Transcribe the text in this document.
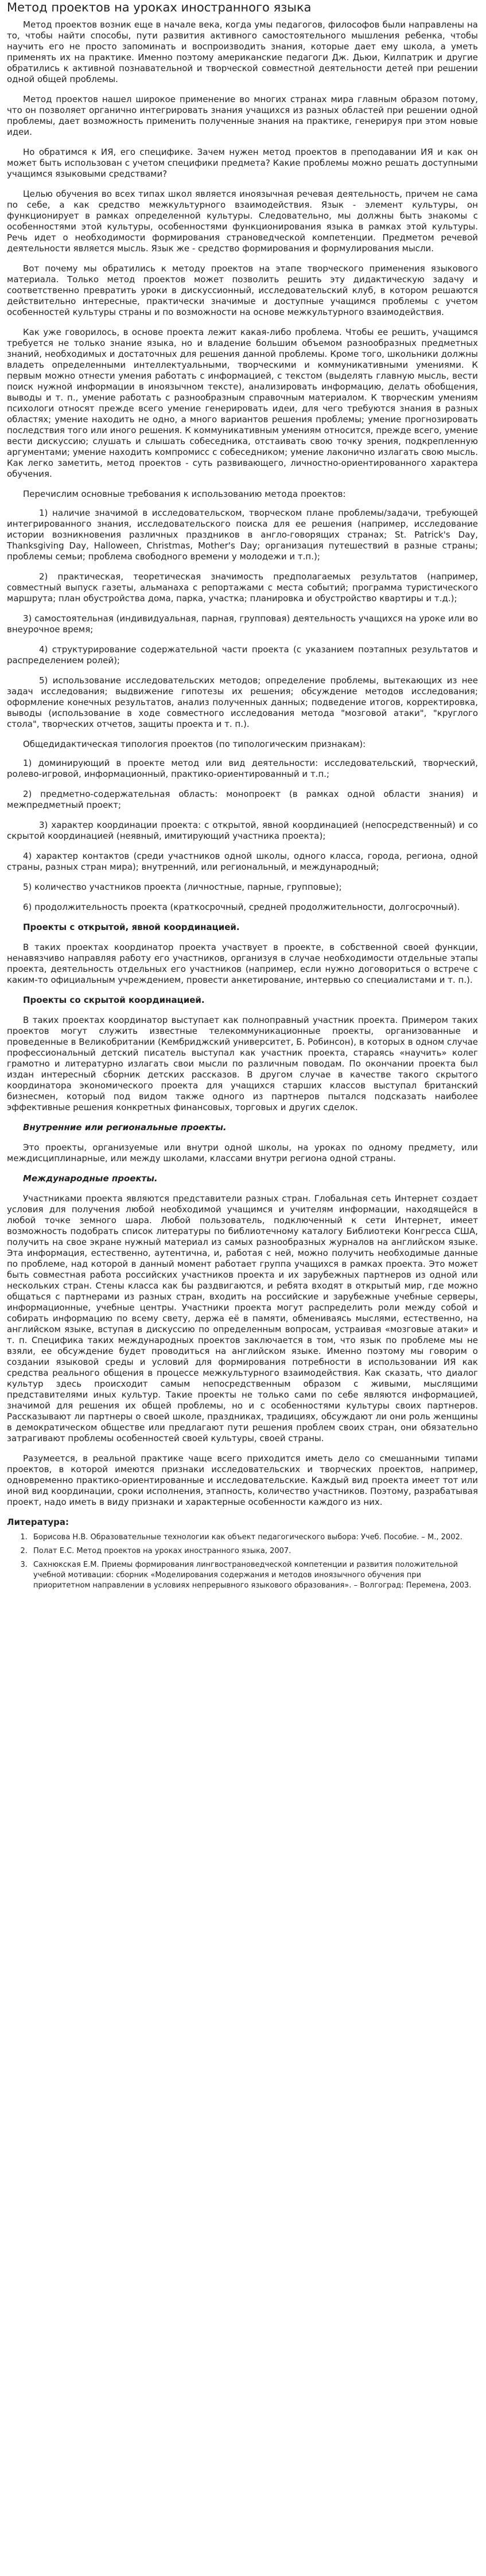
Метод проектов на уроках иностранного языка

Метод проектов возник еще в начале века, когда умы педагогов, философов были направлены на то, чтобы найти способы, пути развития активного самостоятельного мышления ребенка, чтобы научить его не просто запоминать и воспроизводить знания, которые дает ему школа, а уметь применять их на практике. Именно поэтому американские педагоги Дж. Дьюи, Килпатрик и другие обратились к активной познавательной и творческой совместной деятельности детей при решении одной общей проблемы.

Метод проектов нашел широкое применение во многих странах мира главным образом потому, что он позволяет органично интегрировать знания учащихся из разных областей при решении одной проблемы, дает возможность применить полученные знания на практике, генерируя при этом новые идеи.

Но обратимся к ИЯ, его специфике. Зачем нужен метод проектов в преподавании ИЯ и как он может быть использован с учетом специфики предмета? Какие проблемы можно решать доступными учащимся языковыми средствами?

Целью обучения во всех типах школ является иноязычная речевая деятельность, причем не сама по себе, а как средство межкультурного взаимодействия. Язык - элемент культуры, он функционирует в рамках определенной культуры. Следовательно, мы должны быть знакомы с особенностями этой культуры, особенностями функционирования языка в рамках этой культуры. Речь идет о необходимости формирования страноведческой компетенции. Предметом речевой деятельности является мысль. Язык же - средство формирования и формулирования мысли.

Вот почему мы обратились к методу проектов на этапе творческого применения языкового материала. Только метод проектов может позволить решить эту дидактическую задачу и соответственно превратить уроки в дискуссионный, исследовательский клуб, в котором решаются действительно интересные, практически значимые и доступные учащимся проблемы с учетом особенностей культуры страны и по возможности на основе межкультурного взаимодействия.

Как уже говорилось, в основе проекта лежит какая-либо проблема. Чтобы ее решить, учащимся требуется не только знание языка, но и владение большим объемом разнообразных предметных знаний, необходимых и достаточных для решения данной проблемы. Кроме того, школьники должны владеть определенными интеллектуальными, творческими и коммуникативными умениями. К первым можно отнести умения работать с информацией, с текстом (выделять главную мысль, вести поиск нужной информации в иноязычном тексте), анализировать информацию, делать обобщения, выводы и т. п., умение работать с разнообразным справочным материалом. К творческим умениям психологи относят прежде всего умение генерировать идеи, для чего требуются знания в разных областях; умение находить не одно, а много вариантов решения проблемы; умение прогнозировать последствия того или иного решения. К коммуникативным умениям относится, прежде всего, умение вести дискуссию; слушать и слышать собеседника, отстаивать свою точку зрения, подкрепленную аргументами; умение находить компромисс с собеседником; умение лаконично излагать свою мысль. Как легко заметить, метод проектов - суть развивающего, личностно-ориентированного характера обучения.

Перечислим основные требования к использованию метода проектов:

1) наличие значимой в исследовательском, творческом плане проблемы/задачи, требующей интегрированного знания, исследовательского поиска для ее решения (например, исследование истории возникновения различных праздников в англо-говорящих странах; St. Patrick's Day, Thanksgiving Day, Halloween, Christmas, Mother's Day; организация путешествий в разные страны; проблемы семьи; проблема свободного времени у молодежи и т.п.);

2) практическая, теоретическая значимость предполагаемых результатов (например, совместный выпуск газеты, альманаха с репортажами с места событий; программа туристического маршрута; план обустройства дома, парка, участка; планировка и обустройство квартиры и т.д.);

3) самостоятельная (индивидуальная, парная, групповая) деятельность учащихся на уроке или во внеурочное время;

4) структурирование содержательной части проекта (с указанием поэтапных результатов и распределением ролей);

5) использование исследовательских методов; определение проблемы, вытекающих из нее задач исследования; выдвижение гипотезы их решения; обсуждение методов исследования; оформление конечных результатов, анализ полученных данных; подведение итогов, корректировка, выводы (использование в ходе совместного исследования метода "мозговой атаки", "круглого стола", творческих отчетов, защиты проекта и т. п.).

Общедидактическая типология проектов (по типологическим признакам):

1) доминирующий в проекте метод или вид деятельности: исследовательский, творческий, ролево-игровой, информационный, практико-ориентированный и т.п.;

2) предметно-содержательная область: монопроект (в рамках одной области знания) и межпредметный проект;

3) характер координации проекта: с открытой, явной координацией (непосредственный) и со скрытой координацией (неявный, имитирующий участника проекта);

4) характер контактов (среди участников одной школы, одного класса, города, региона, одной страны, разных стран мира); внутренний, или региональный, и международный;

5) количество участников проекта (личностные, парные, групповые);

6) продолжительность проекта (краткосрочный, средней продолжительности, долгосрочный).

Проекты с открытой, явной координацией.

В таких проектах координатор проекта участвует в проекте, в собственной своей функции, ненавязчиво направляя работу его участников, организуя в случае необходимости отдельные этапы проекта, деятельность отдельных его участников (например, если нужно договориться о встрече с каким-то официальным учреждением, провести анкетирование, интервью со специалистами и т. п.).

Проекты со скрытой координацией.

В таких проектах координатор выступает как полноправный участник проекта. Примером таких проектов могут служить известные телекоммуникационные проекты, организованные и проведенные в Великобритании (Кембриджский университет, Б. Робинсон), в которых в одном случае профессиональный детский писатель выступал как участник проекта, стараясь «научить» колег грамотно и литературно излагать свои мысли по различным поводам. По окончании проекта был издан интересный сборник детских рассказов. В другом случае в качестве такого скрытого координатора экономического проекта для учащихся старших классов выступал британский бизнесмен, который под видом также одного из партнеров пытался подсказать наиболее эффективные решения конкретных финансовых, торговых и других сделок.

Внутренние или региональные проекты.

Это проекты, организуемые или внутри одной школы, на уроках по одному предмету, или междисциплинарные, или между школами, классами внутри региона одной страны.

Международные проекты.

Участниками проекта являются представители разных стран. Глобальная сеть Интернет создает условия для получения любой необходимой учащимся и учителям информации, находящейся в любой точке земного шара. Любой пользователь, подключенный к сети Интернет, имеет возможность подобрать список литературы по библиотечному каталогу Библиотеки Конгресса США, получить на свое экране нужный материал из самых разнообразных журналов на английском языке. Эта информация, естественно, аутентична, и, работая с ней, можно получить необходимые данные по проблеме, над которой в данный момент работает группа учащихся в рамках проекта. Это может быть совместная работа российских участников проекта и их зарубежных партнеров из одной или нескольких стран. Стены класса как бы раздвигаются, и ребята входят в открытый мир, где можно общаться с партнерами из разных стран, входить на российские и зарубежные учебные серверы, информационные, учебные центры. Участники проекта могут распределить роли между собой и собирать информацию по всему свету, держа её в памяти, обмениваясь мыслями, естественно, на английском языке, вступая в дискуссию по определенным вопросам, устраивая «мозговые атаки» и т. п. Специфика таких международных проектов заключается в том, что язык по проблеме мы не взяли, ее обсуждение будет проводиться на английском языке. Именно поэтому мы говорим о создании языковой среды и условий для формирования потребности в использовании ИЯ как средства реального общения в процессе межкультурного взаимодействия. Как сказать, что диалог культур здесь происходит самым непосредственным образом с живыми, мыслящими представителями иных культур. Такие проекты не только сами по себе являются информацией, значимой для решения их общей проблемы, но и с особенностями культуры своих партнеров. Рассказывают ли партнеры о своей школе, праздниках, традициях, обсуждают ли они роль женщины в демократическом обществе или предлагают пути решения проблем своих стран, они обязательно затрагивают проблемы особенностей своей культуры, своей страны.

Разумеется, в реальной практике чаще всего приходится иметь дело со смешанными типами проектов, в которой имеются признаки исследовательских и творческих проектов, например, одновременно практико-ориентированные и исследовательские. Каждый вид проекта имеет тот или иной вид координации, сроки исполнения, этапность, количество участников. Поэтому, разрабатывая проект, надо иметь в виду признаки и характерные особенности каждого из них.

Литература:
1. Борисова Н.В. Образовательные технологии как объект педагогического выбора: Учеб. Пособие. – М., 2002.
2. Полат Е.С. Метод проектов на уроках иностранного языка, 2007.
3. Сахнюкская Е.М. Приемы формирования лингвострановедческой компетенции и развития положительной учебной мотивации: сборник «Моделирования содержания и методов иноязычного обучения при приоритетном направлении в условиях непрерывного языкового образования». – Волгоград: Перемена, 2003.
